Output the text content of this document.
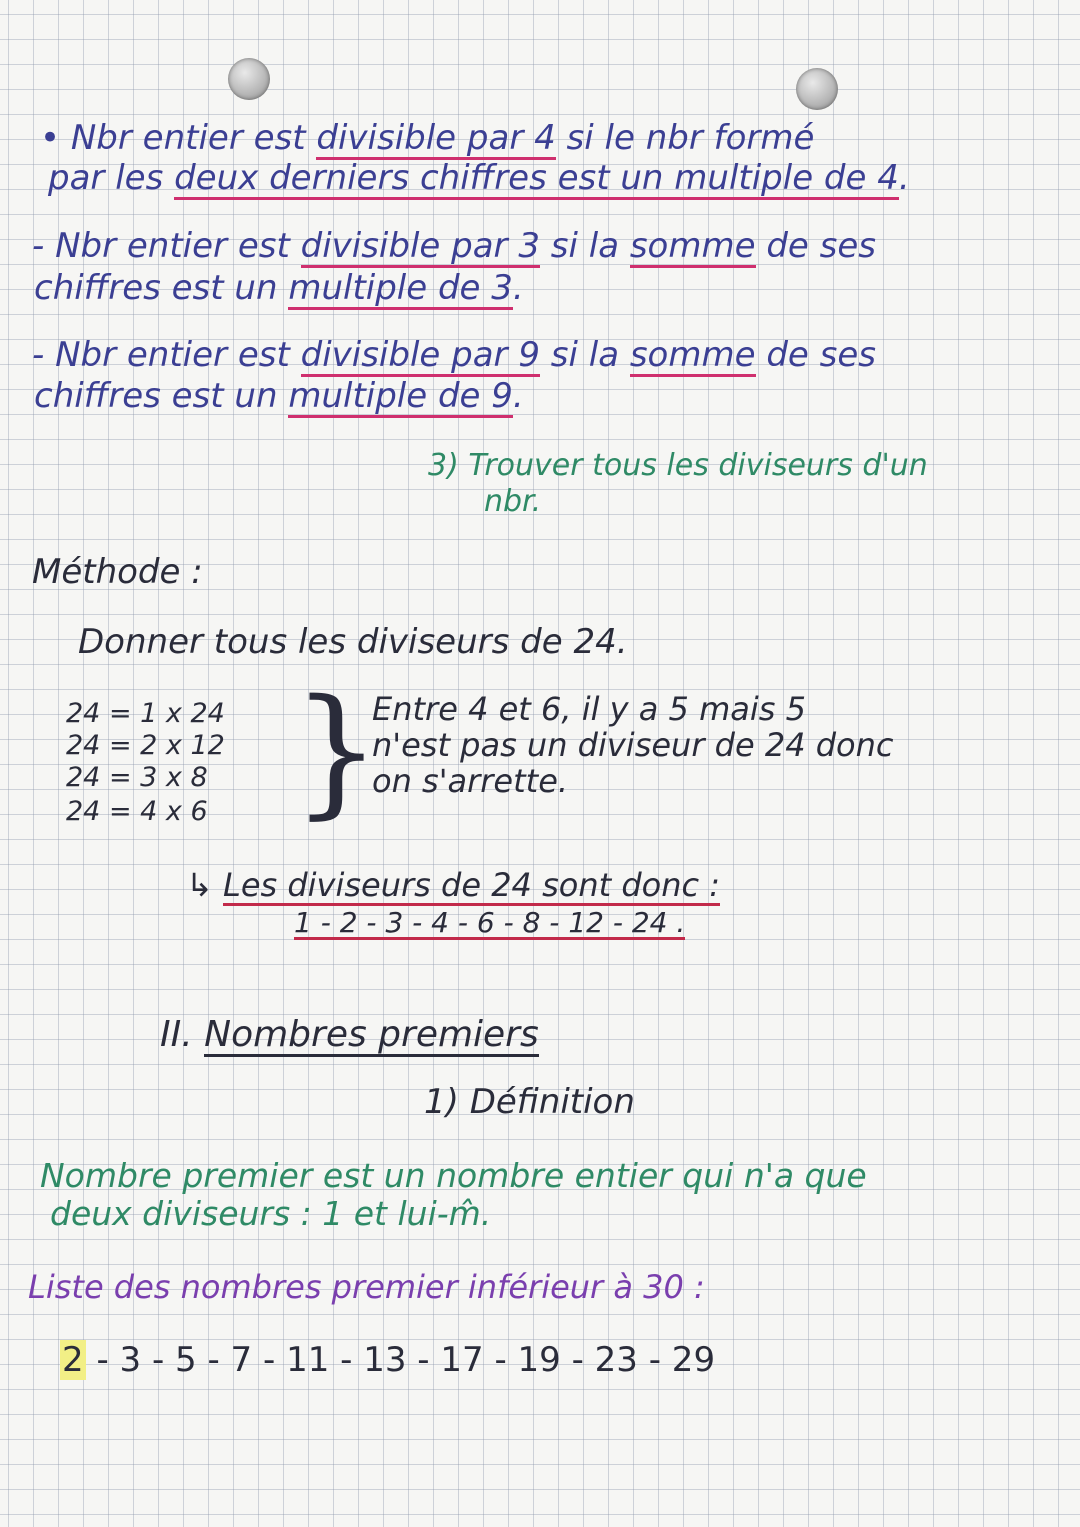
• Nbr entier est divisible par 4 si le nbr formé

par les deux derniers chiffres est un multiple de 4.

- Nbr entier est divisible par 3 si la somme de ses

chiffres est un multiple de 3.

- Nbr entier est divisible par 9 si la somme de ses

chiffres est un multiple de 9.

3) Trouver tous les diviseurs d'un

nbr.

Méthode :

Donner tous les diviseurs de 24.

24 = 1 x 24

24 = 2 x 12

24 = 3 x 8

24 = 4 x 6 }

Entre 4 et 6, il y a 5 mais 5

n'est pas un diviseur de 24 donc

on s'arrette.

↳ Les diviseurs de 24 sont donc :

1 - 2 - 3 - 4 - 6 - 8 - 12 - 24 .

II. Nombres premiers

1) Définition

Nombre premier est un nombre entier qui n'a que

deux diviseurs : 1 et lui-m̂.

Liste des nombres premier inférieur à 30 :

2 - 3 - 5 - 7 - 11 - 13 - 17 - 19 - 23 - 29
